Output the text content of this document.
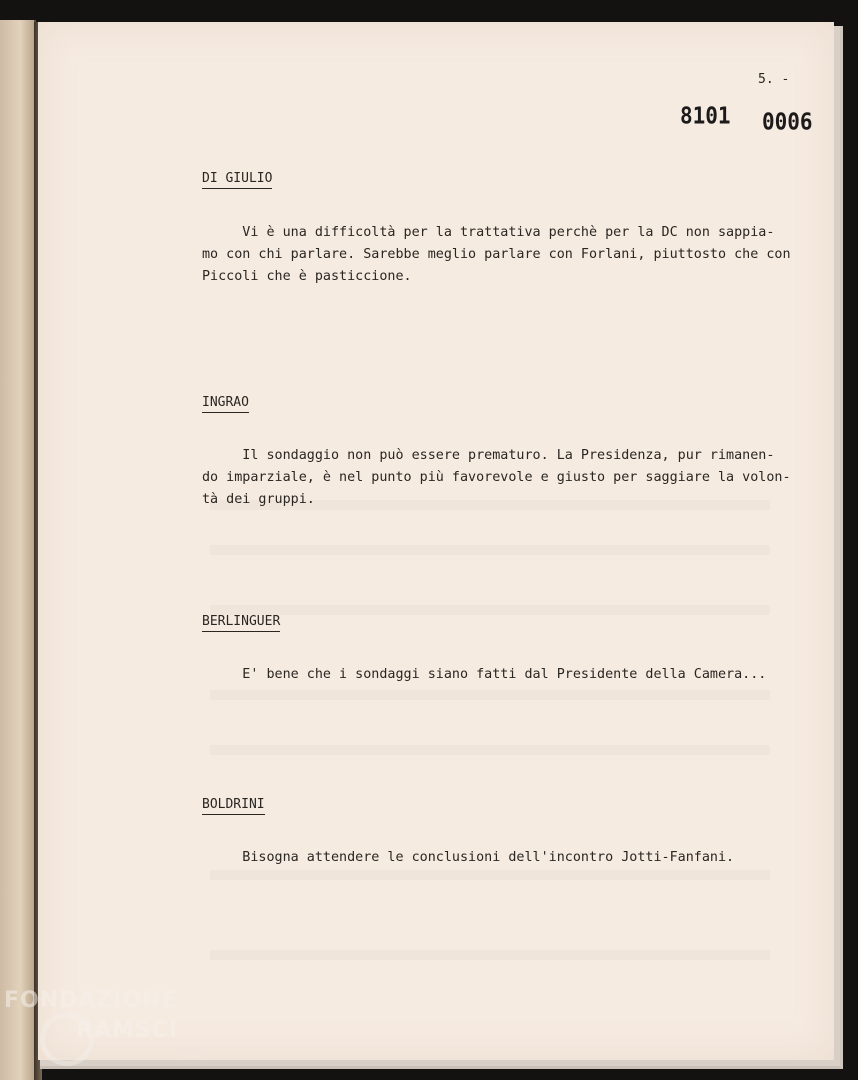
5. -
8101 0006
DI GIULIO

Vi è una difficoltà per la trattativa perchè per la DC non sappia-
mo con chi parlare. Sarebbe meglio parlare con Forlani, piuttosto che con
Piccoli che è pasticcione.

INGRAO

Il sondaggio non può essere prematuro. La Presidenza, pur rimanen-
do imparziale, è nel punto più favorevole e giusto per saggiare la volon-
tà dei gruppi.

BERLINGUER

E' bene che i sondaggi siano fatti dal Presidente della Camera...

BOLDRINI

Bisogna attendere le conclusioni dell'incontro Jotti-Fanfani.

FONDAZIONE
RAMSCI
onlus
